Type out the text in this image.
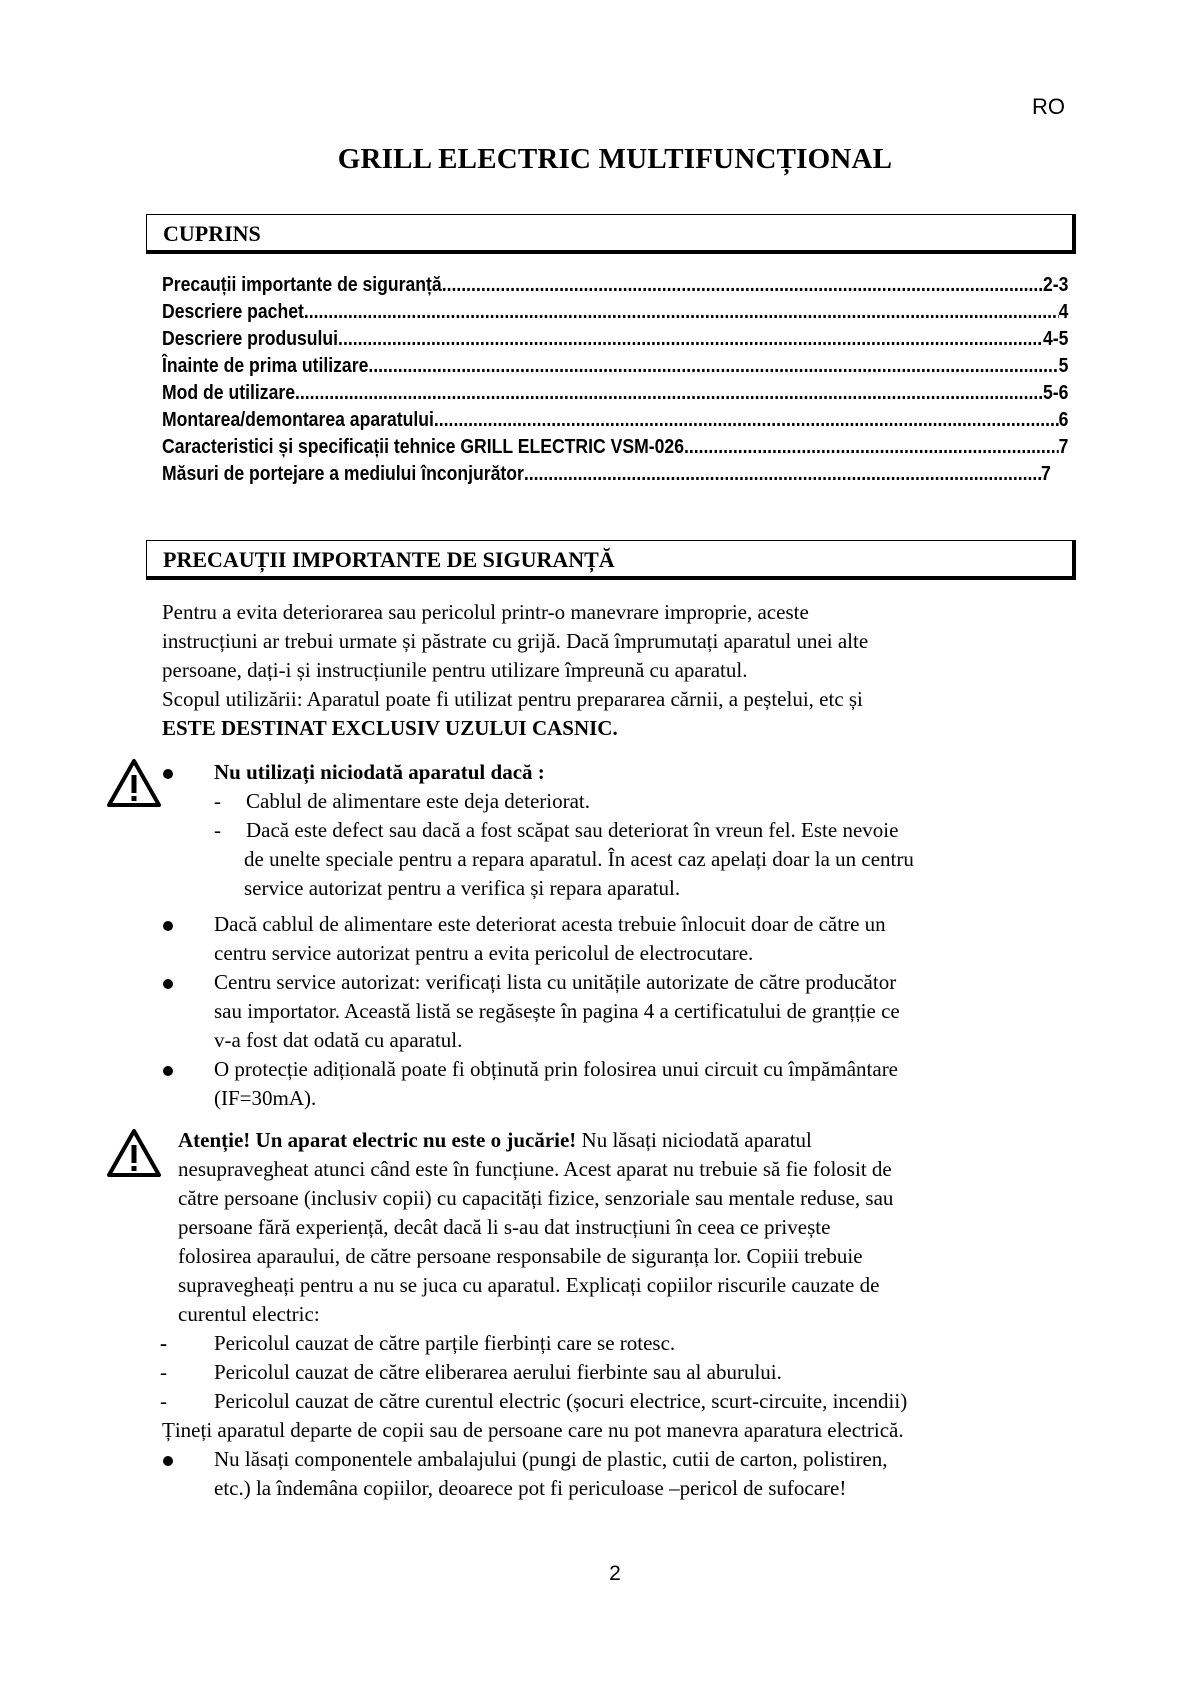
RO
GRILL ELECTRIC MULTIFUNCȚIONAL
CUPRINS
Precauții importante de siguranță .....	2-3
Descriere pachet .....	4
Descriere produsului .....	4-5
Înainte de prima utilizare .....	5
Mod de utilizare .....	5-6
Montarea/demontarea aparatului .....	6
Caracteristici și specificații tehnice GRILL ELECTRIC VSM-026 .....	7
Măsuri de portejare a mediului înconjurător .....	7
PRECAUȚII IMPORTANTE DE SIGURANȚĂ
Pentru a evita deteriorarea sau pericolul printr-o manevrare improprie, aceste
instrucțiuni ar trebui urmate și păstrate cu grijă. Dacă împrumutați aparatul unei alte
persoane, dați-i și instrucțiunile pentru utilizare împreună cu aparatul.
Scopul utilizării: Aparatul poate fi utilizat pentru prepararea cărnii, a peștelui, etc și
ESTE DESTINAT EXCLUSIV UZULUI CASNIC.
Nu utilizați niciodată aparatul dacă :
- Cablul de alimentare este deja deteriorat.
- Dacă este defect sau dacă a fost scăpat sau deteriorat în vreun fel. Este nevoie
de unelte speciale pentru a repara aparatul. În acest caz apelați doar la un centru
service autorizat pentru a verifica și repara aparatul.
Dacă cablul de alimentare este deteriorat acesta trebuie înlocuit doar de către un
centru service autorizat pentru a evita pericolul de electrocutare.
Centru service autorizat: verificați lista cu unitățile autorizate de către producător
sau importator. Această listă se regăsește în pagina 4 a certificatului de granțție ce
v-a fost dat odată cu aparatul.
O protecție adițională poate fi obținută prin folosirea unui circuit cu împământare
(IF=30mA).
Atenție! Un aparat electric nu este o jucărie! Nu lăsați niciodată aparatul
nesupravegheat atunci când este în funcțiune. Acest aparat nu trebuie să fie folosit de
către persoane (inclusiv copii) cu capacități fizice, senzoriale sau mentale reduse, sau
persoane fără experiență, decât dacă li s-au dat instrucțiuni în ceea ce privește
folosirea aparaului, de către persoane responsabile de siguranța lor. Copiii trebuie
supravegheați pentru a nu se juca cu aparatul. Explicați copiilor riscurile cauzate de
curentul electric:
- Pericolul cauzat de către parțile fierbinți care se rotesc.
- Pericolul cauzat de către eliberarea aerului fierbinte sau al aburului.
- Pericolul cauzat de către curentul electric (șocuri electrice, scurt-circuite, incendii)
Țineți aparatul departe de copii sau de persoane care nu pot manevra aparatura electrică.
Nu lăsați componentele ambalajului (pungi de plastic, cutii de carton, polistiren,
etc.) la îndemâna copiilor, deoarece pot fi periculoase –pericol de sufocare!
2
